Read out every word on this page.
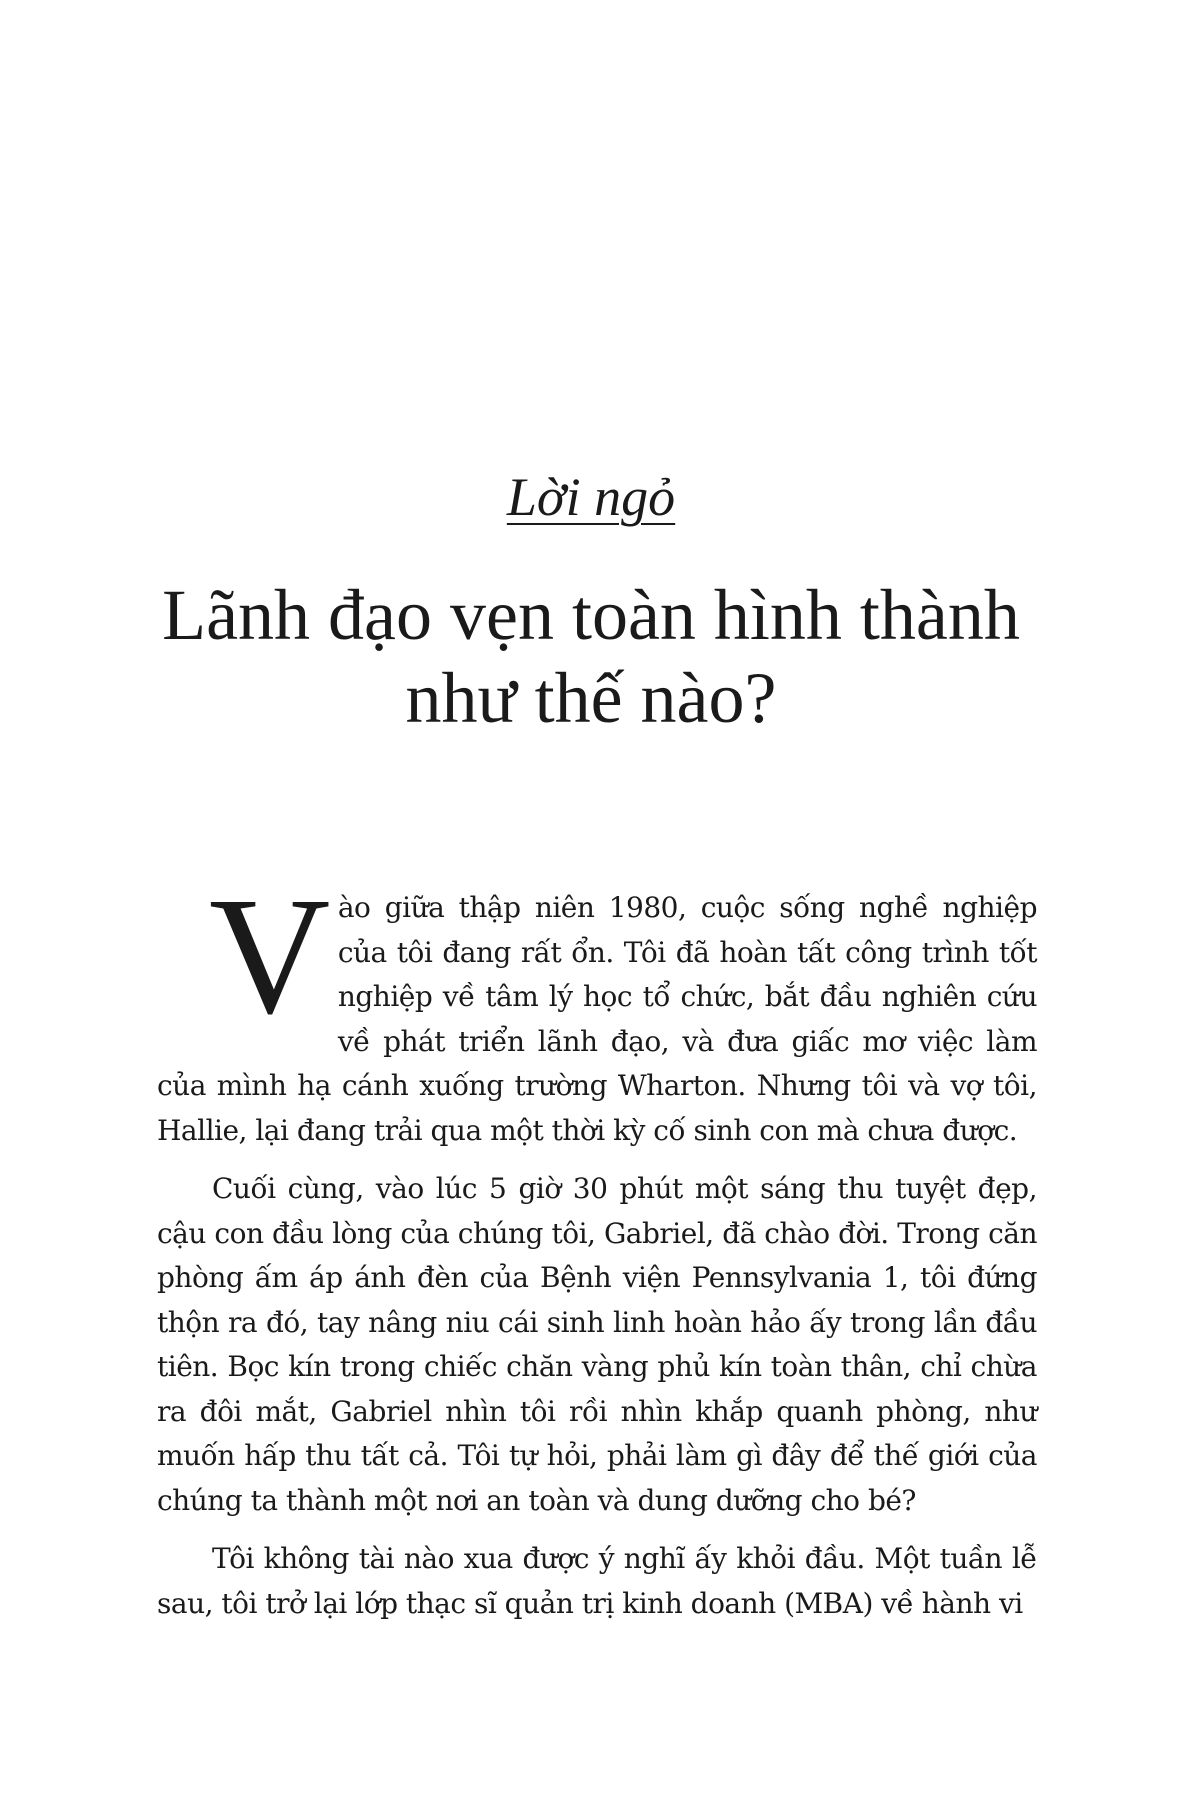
Lời ngỏ
Lãnh đạo vẹn toàn hình thành
như thế nào?

Vào giữa thập niên 1980, cuộc sống nghề nghiệp của tôi đang rất ổn. Tôi đã hoàn tất công trình tốt nghiệp về tâm lý học tổ chức, bắt đầu nghiên cứu về phát triển lãnh đạo, và đưa giấc mơ việc làm của mình hạ cánh xuống trường Wharton. Nhưng tôi và vợ tôi, Hallie, lại đang trải qua một thời kỳ cố sinh con mà chưa được.

Cuối cùng, vào lúc 5 giờ 30 phút một sáng thu tuyệt đẹp, cậu con đầu lòng của chúng tôi, Gabriel, đã chào đời. Trong căn phòng ấm áp ánh đèn của Bệnh viện Pennsylvania 1, tôi đứng thộn ra đó, tay nâng niu cái sinh linh hoàn hảo ấy trong lần đầu tiên. Bọc kín trong chiếc chăn vàng phủ kín toàn thân, chỉ chừa ra đôi mắt, Gabriel nhìn tôi rồi nhìn khắp quanh phòng, như muốn hấp thu tất cả. Tôi tự hỏi, phải làm gì đây để thế giới của chúng ta thành một nơi an toàn và dung dưỡng cho bé?

Tôi không tài nào xua được ý nghĩ ấy khỏi đầu. Một tuần lễ sau, tôi trở lại lớp thạc sĩ quản trị kinh doanh (MBA) về hành vi
